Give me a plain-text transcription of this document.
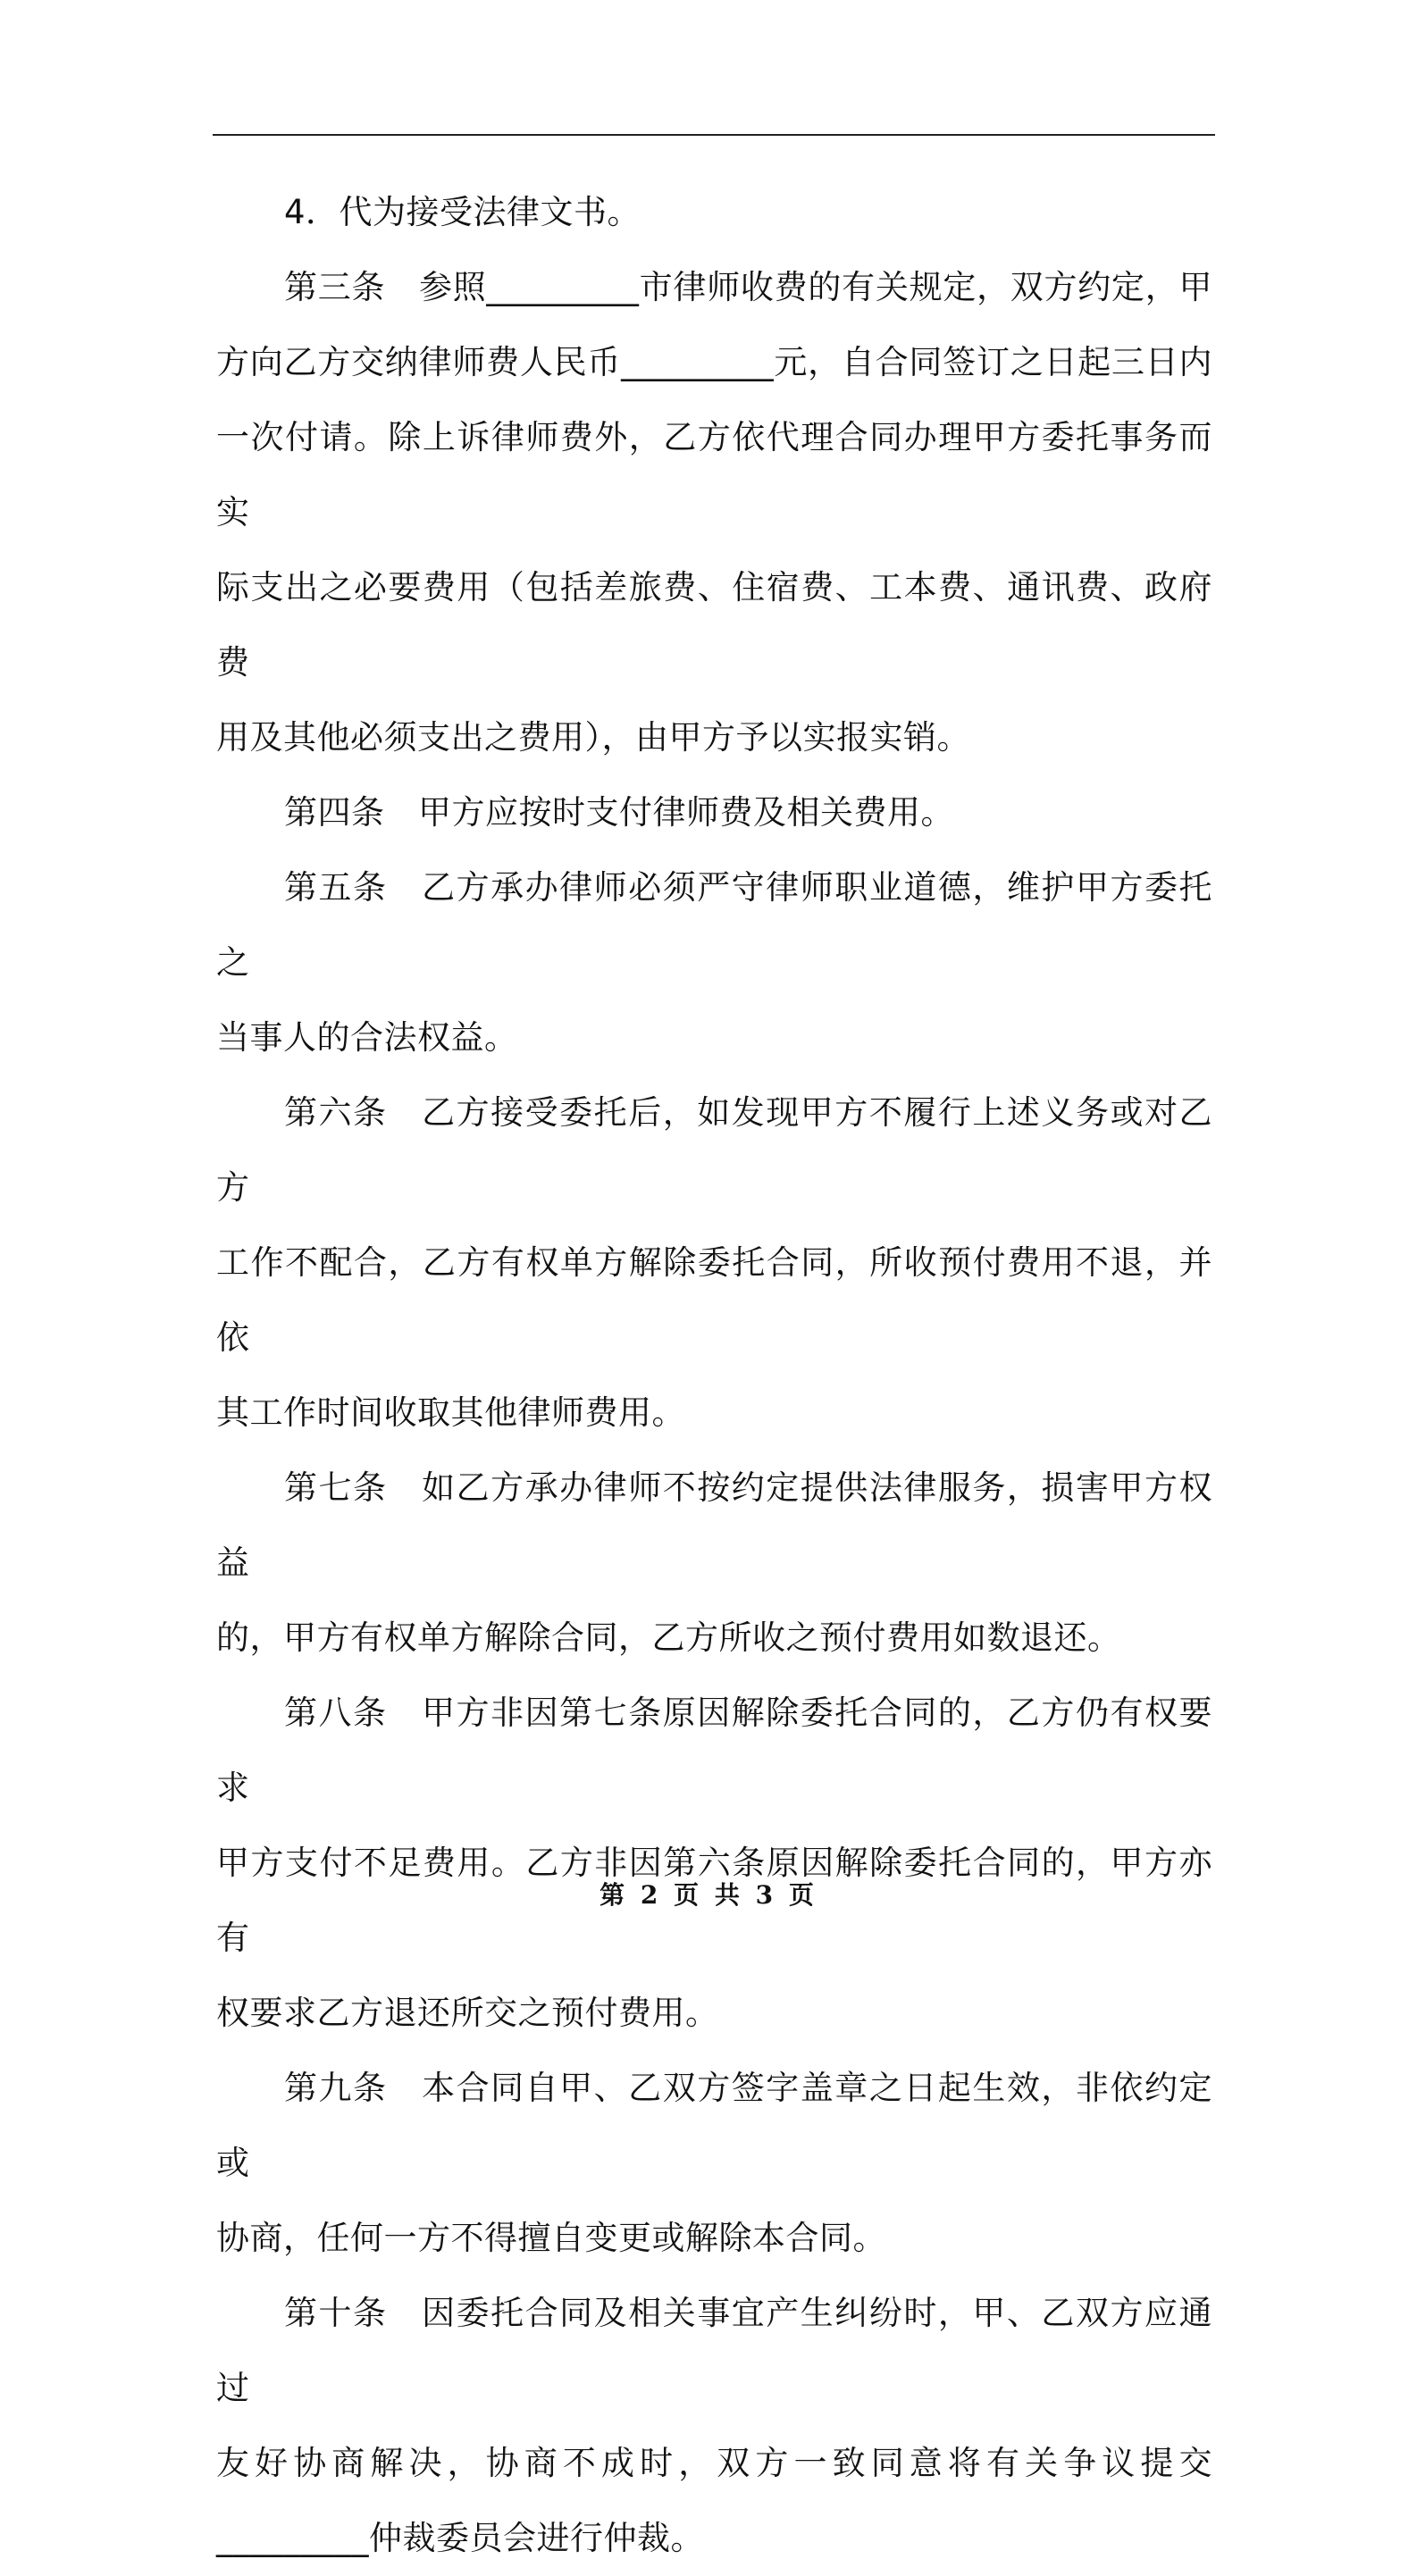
4．代为接受法律文书。
第三条　参照_________市律师收费的有关规定，双方约定，甲
方向乙方交纳律师费人民币_________元，自合同签订之日起三日内
一次付请。除上诉律师费外，乙方依代理合同办理甲方委托事务而实
际支出之必要费用（包括差旅费、住宿费、工本费、通讯费、政府费
用及其他必须支出之费用），由甲方予以实报实销。
第四条　甲方应按时支付律师费及相关费用。
第五条　乙方承办律师必须严守律师职业道德，维护甲方委托之
当事人的合法权益。
第六条　乙方接受委托后，如发现甲方不履行上述义务或对乙方
工作不配合，乙方有权单方解除委托合同，所收预付费用不退，并依
其工作时间收取其他律师费用。
第七条　如乙方承办律师不按约定提供法律服务，损害甲方权益
的，甲方有权单方解除合同，乙方所收之预付费用如数退还。
第八条　甲方非因第七条原因解除委托合同的，乙方仍有权要求
甲方支付不足费用。乙方非因第六条原因解除委托合同的，甲方亦有
权要求乙方退还所交之预付费用。
第九条　本合同自甲、乙双方签字盖章之日起生效，非依约定或
协商，任何一方不得擅自变更或解除本合同。
第十条　因委托合同及相关事宜产生纠纷时，甲、乙双方应通过
友好协商解决，协商不成时，双方一致同意将有关争议提交
_________仲裁委员会进行仲裁。
第 2 页 共 3 页
